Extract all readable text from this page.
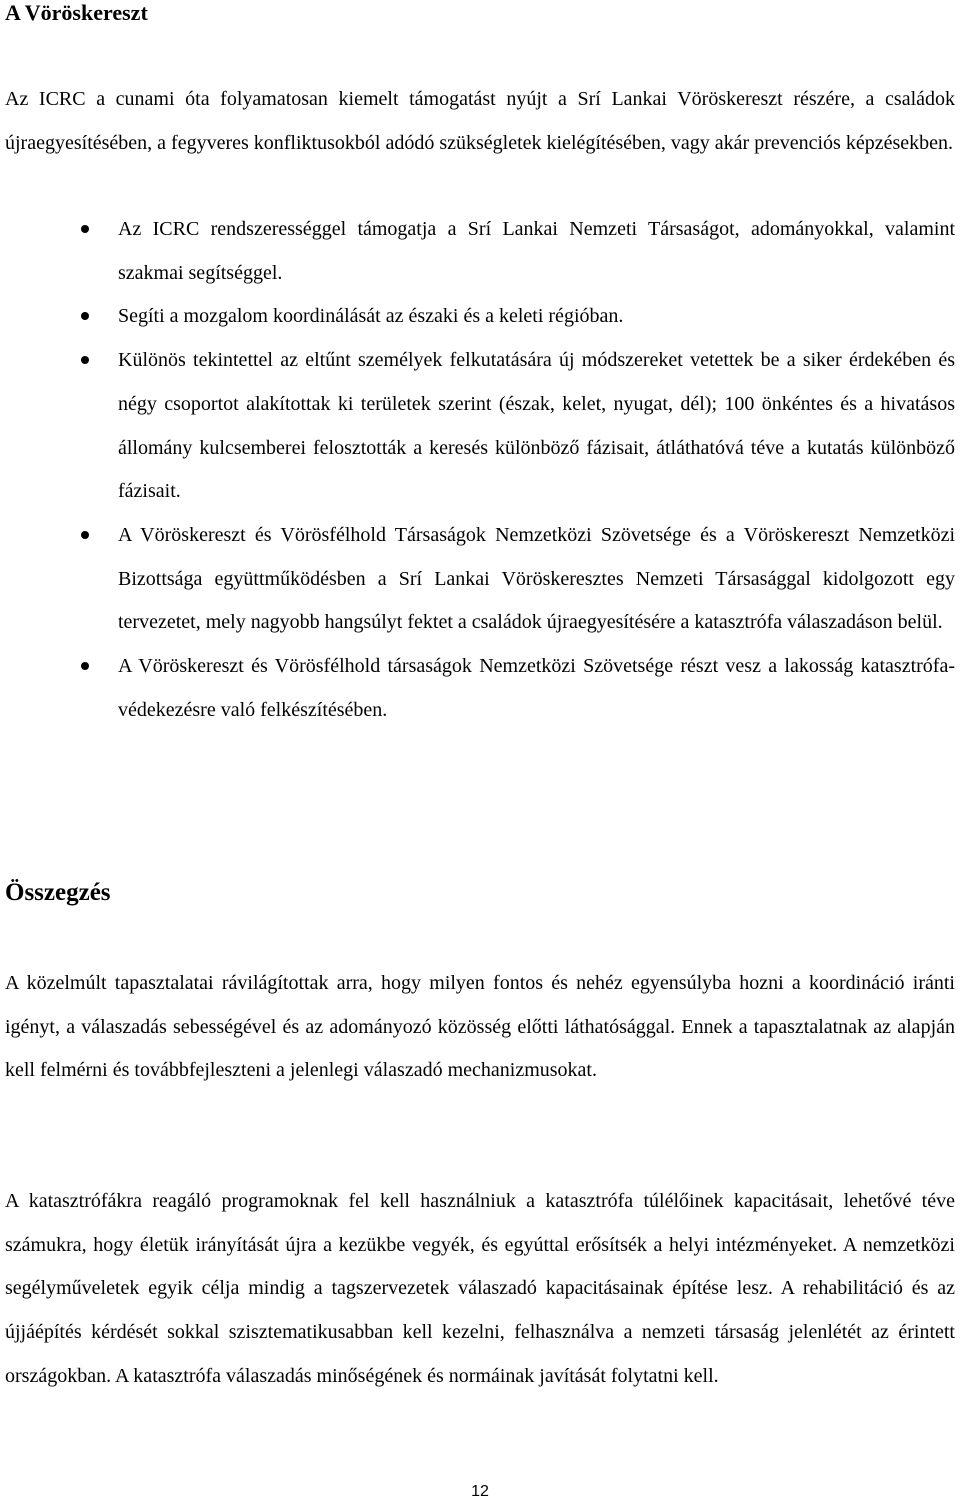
A Vöröskereszt

Az ICRC a cunami óta folyamatosan kiemelt támogatást nyújt a Srí Lankai Vöröskereszt részére, a családok újraegyesítésében, a fegyveres konfliktusokból adódó szükségletek kielégítésében, vagy akár prevenciós képzésekben.

Az ICRC rendszerességgel támogatja a Srí Lankai Nemzeti Társaságot, adományokkal, valamint szakmai segítséggel.
Segíti a mozgalom koordinálását az északi és a keleti régióban.
Különös tekintettel az eltűnt személyek felkutatására új módszereket vetettek be a siker érdekében és négy csoportot alakítottak ki területek szerint (észak, kelet, nyugat, dél); 100 önkéntes és a hivatásos állomány kulcsemberei felosztották a keresés különböző fázisait, átláthatóvá téve a kutatás különböző fázisait.
A Vöröskereszt és Vörösfélhold Társaságok Nemzetközi Szövetsége és a Vöröskereszt Nemzetközi Bizottsága együttműködésben a Srí Lankai Vöröskeresztes Nemzeti Társasággal kidolgozott egy tervezetet, mely nagyobb hangsúlyt fektet a családok újraegyesítésére a katasztrófa válaszadáson belül.
A Vöröskereszt és Vörösfélhold társaságok Nemzetközi Szövetsége részt vesz a lakosság katasztrófa-védekezésre való felkészítésében.
Összegzés

A közelmúlt tapasztalatai rávilágítottak arra, hogy milyen fontos és nehéz egyensúlyba hozni a koordináció iránti igényt, a válaszadás sebességével és az adományozó közösség előtti láthatósággal. Ennek a tapasztalatnak az alapján kell felmérni és továbbfejleszteni a jelenlegi válaszadó mechanizmusokat.

A katasztrófákra reagáló programoknak fel kell használniuk a katasztrófa túlélőinek kapacitásait, lehetővé téve számukra, hogy életük irányítását újra a kezükbe vegyék, és egyúttal erősítsék a helyi intézményeket. A nemzetközi segélyműveletek egyik célja mindig a tagszervezetek válaszadó kapacitásainak építése lesz. A rehabilitáció és az újjáépítés kérdését sokkal szisztematikusabban kell kezelni, felhasználva a nemzeti társaság jelenlétét az érintett országokban. A katasztrófa válaszadás minőségének és normáinak javítását folytatni kell.

12
